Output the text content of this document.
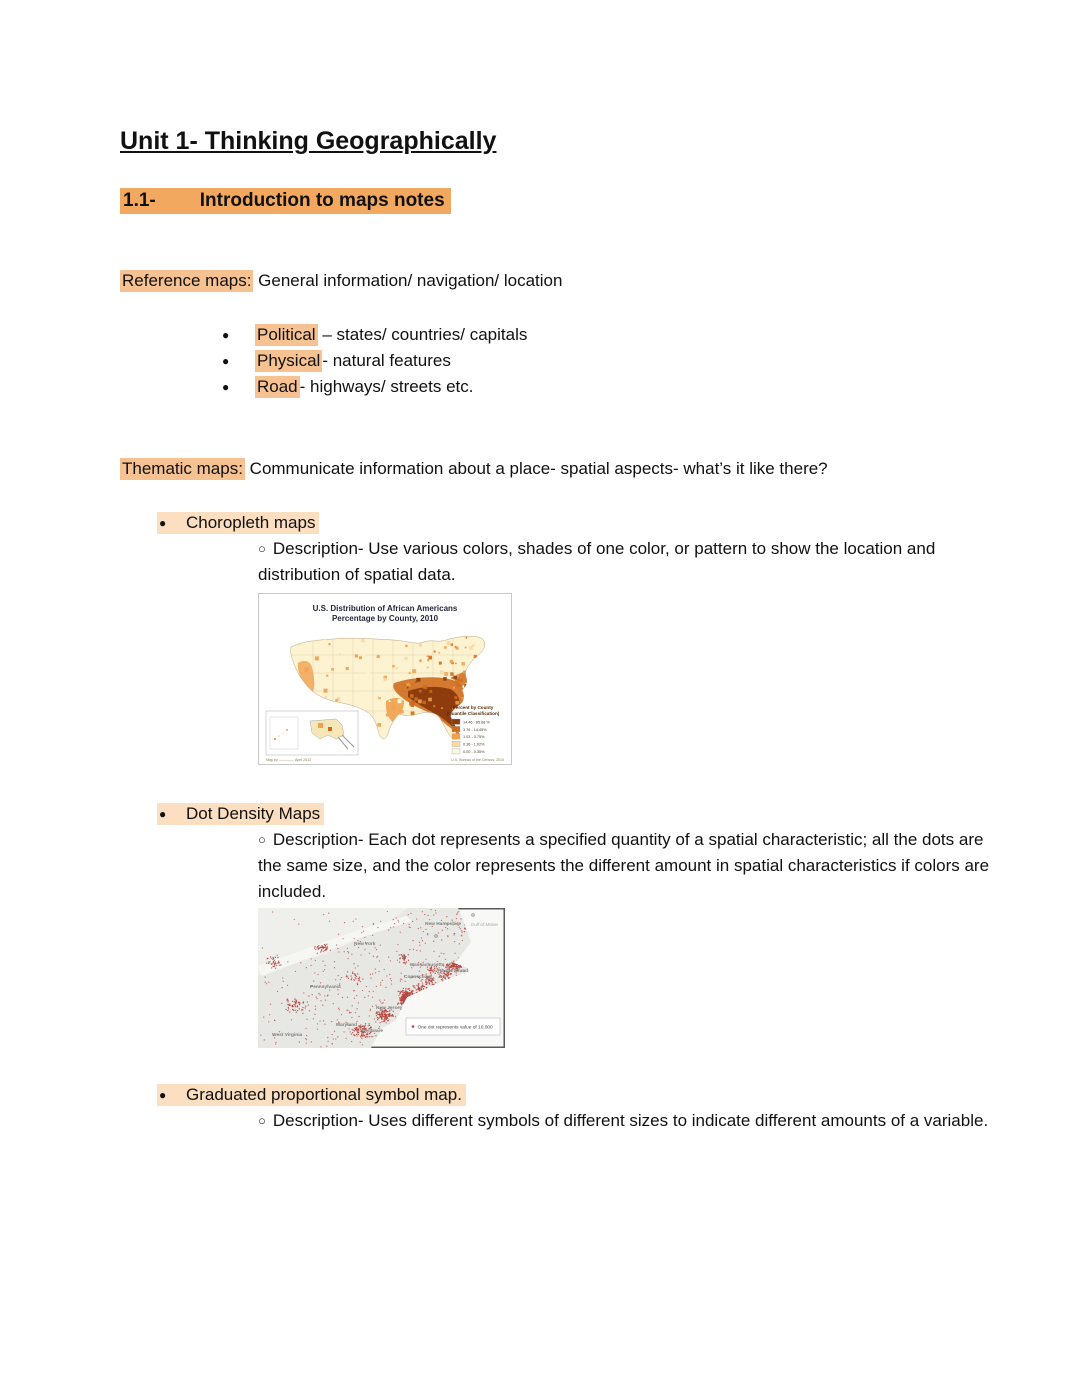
Unit 1- Thinking Geographically
1.1- Introduction to maps notes
Reference maps: General information/ navigation/ location
● Political – states/ countries/ capitals
● Physical - natural features
● Road - highways/ streets etc.
Thematic maps: Communicate information about a place- spatial aspects- what’s it like there?
● Choropleth maps
○ Description- Use various colors, shades of one color, or pattern to show the location and distribution of spatial data.
U.S. Distribution of African Americans
Percentage by County, 2010
Percent by County
(Quantile Classification)
14.46 - 85.68 %
3.76 - 14.45%
1.03 - 3.75%
0.36 - 1.02%
0.00 - 0.35%
Map by ————, April 2013	U.S. Bureau of the Census, 2010
● Dot Density Maps
○ Description- Each dot represents a specified quantity of a spatial characteristic; all the dots are the same size, and the color represents the different amount in spatial characteristics if colors are included.
New York
New Hampshire
Massachusetts
Connecticut
Rhode Island
Pennsylvania
New Jersey
Maryland
Delaware
West Virginia
Gulf of Maine
One dot represents value of 10,000
● Graduated proportional symbol map.
○ Description- Uses different symbols of different sizes to indicate different amounts of a variable.
